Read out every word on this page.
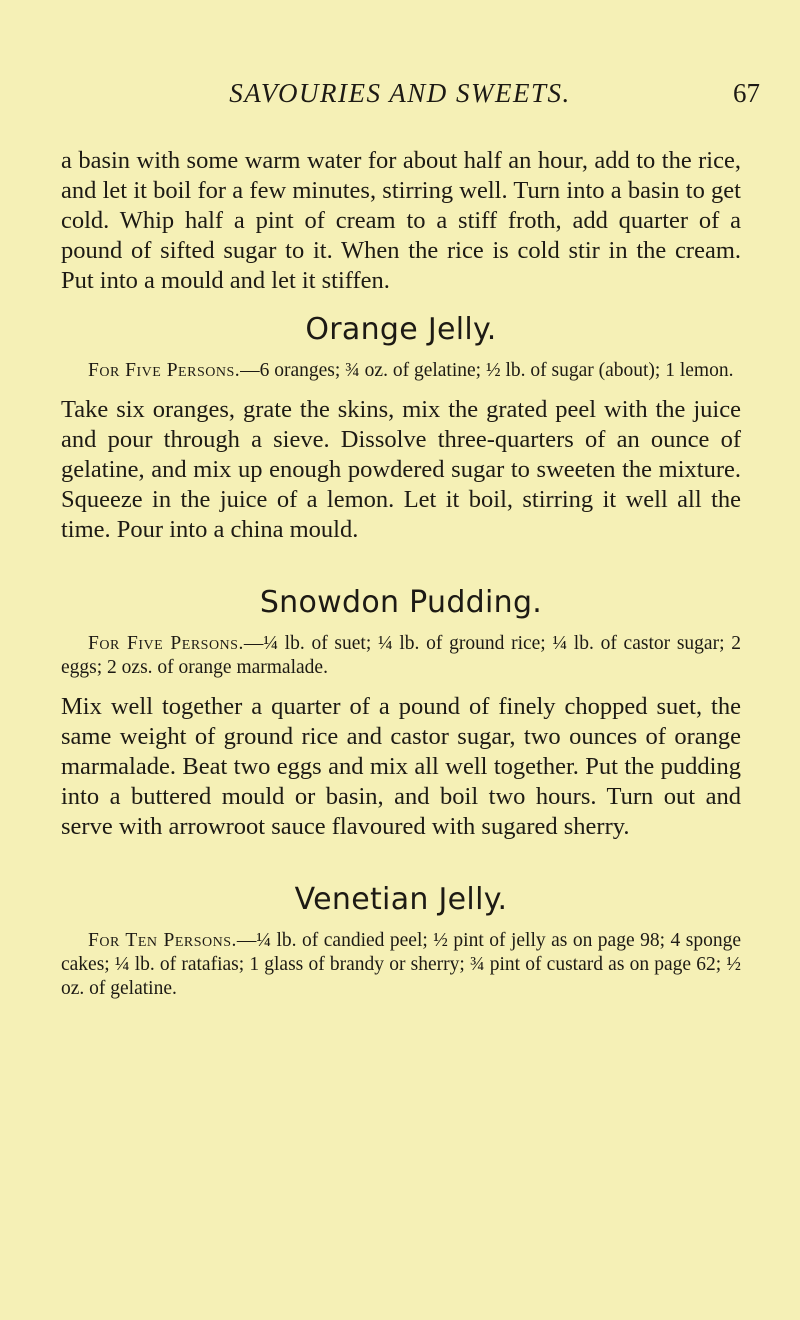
SAVOURIES AND SWEETS.	67

a basin with some warm water for about half an hour, add to the rice, and let it boil for a few minutes, stirring well. Turn into a basin to get cold. Whip half a pint of cream to a stiff froth, add quarter of a pound of sifted sugar to it. When the rice is cold stir in the cream. Put into a mould and let it stiffen.

Orange Jelly.

For Five Persons.—6 oranges; ¾ oz. of gelatine; ½ lb. of sugar (about); 1 lemon.

Take six oranges, grate the skins, mix the grated peel with the juice and pour through a sieve. Dissolve three-quarters of an ounce of gelatine, and mix up enough powdered sugar to sweeten the mixture. Squeeze in the juice of a lemon. Let it boil, stirring it well all the time. Pour into a china mould.

Snowdon Pudding.

For Five Persons.—¼ lb. of suet; ¼ lb. of ground rice; ¼ lb. of castor sugar; 2 eggs; 2 ozs. of orange marmalade.

Mix well together a quarter of a pound of finely chopped suet, the same weight of ground rice and castor sugar, two ounces of orange marmalade. Beat two eggs and mix all well together. Put the pudding into a buttered mould or basin, and boil two hours. Turn out and serve with arrowroot sauce flavoured with sugared sherry.

Venetian Jelly.

For Ten Persons.—¼ lb. of candied peel; ½ pint of jelly as on page 98; 4 sponge cakes; ¼ lb. of ratafias; 1 glass of brandy or sherry; ¾ pint of custard as on page 62; ½ oz. of gelatine.
